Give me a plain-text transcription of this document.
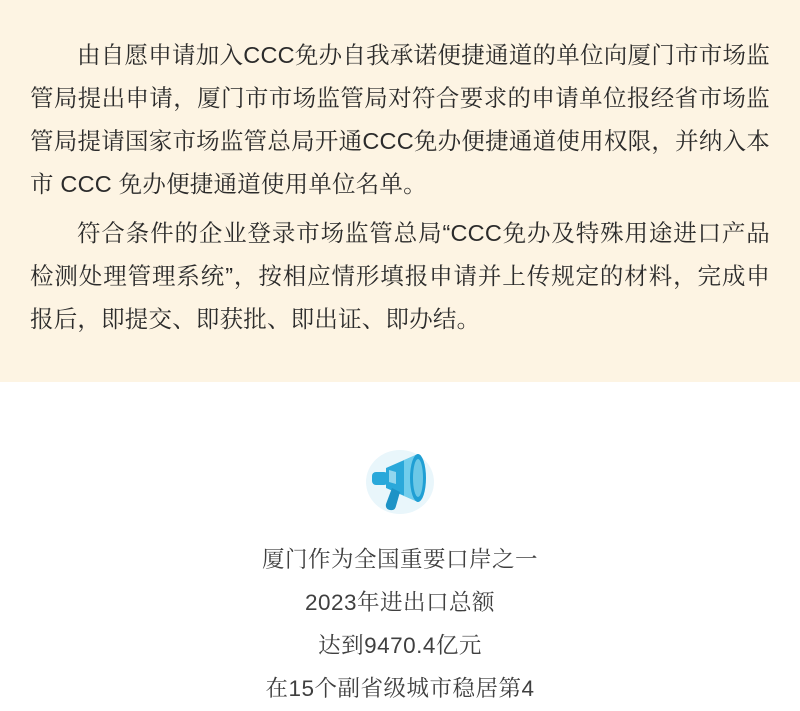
由自愿申请加入CCC免办自我承诺便捷通道的单位向厦门市市场监管局提出申请，厦门市市场监管局对符合要求的申请单位报经省市场监管局提请国家市场监管总局开通CCC免办便捷通道使用权限，并纳入本市 CCC 免办便捷通道使用单位名单。

符合条件的企业登录市场监管总局“CCC免办及特殊用途进口产品检测处理管理系统”，按相应情形填报申请并上传规定的材料，完成申报后，即提交、即获批、即出证、即办结。

厦门作为全国重要口岸之一
2023年进出口总额
达到9470.4亿元
在15个副省级城市稳居第4
